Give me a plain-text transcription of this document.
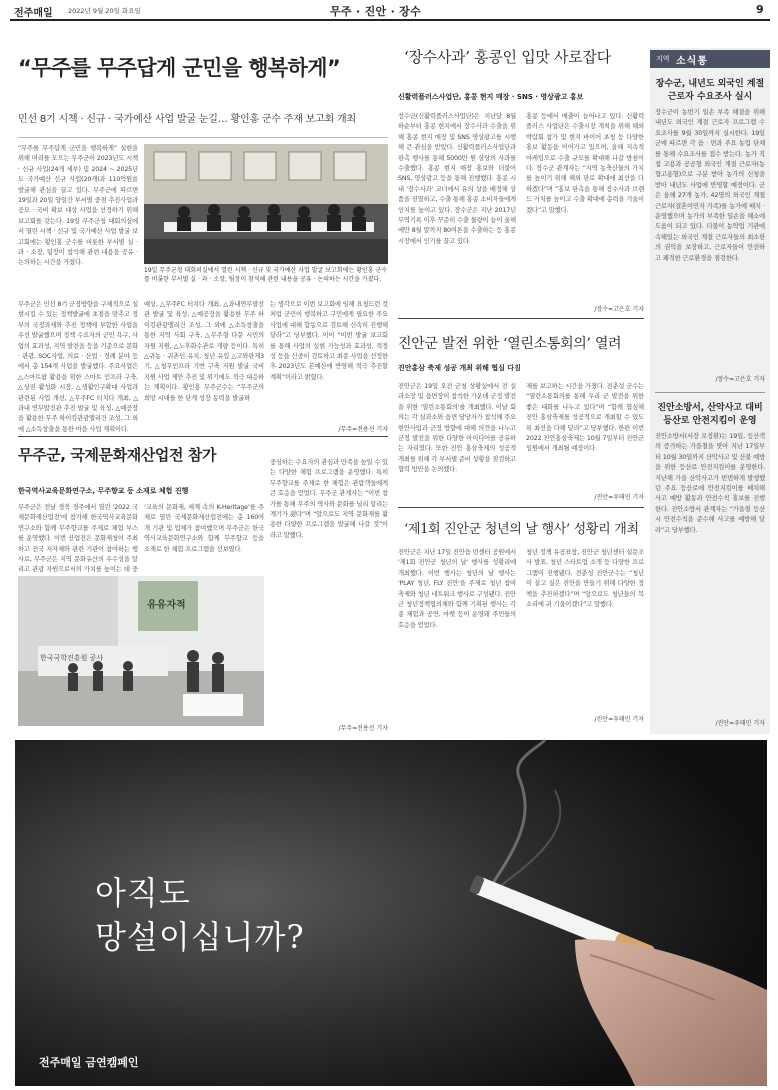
전주매일 2022년 9월 20일 화요일	무주 · 진안 · 장수	9
“무주를 무주답게 군민을 행복하게”
민선 8기 시책 · 신규 · 국가예산 사업 발굴 눈길… 황인홍 군수 주재 보고회 개최
“무주를 무주답게 군민을 행복하게” 실현을 위해 머리를 모으는 무주군이 2023년도 시책 · 신규 사업(24개 세부) 및 2024 ~ 2025년도 국가예산 신규 사업(20개)과 110억원을 발굴해 관심을 끌고 있다. 무주군에 따르면 19일과 20일 양일간 부서별 중점 추진사업과 공모 · 국비 확보 대상 사업을 선정하기 위해 보고회를 갖는다. 19일 무주군청 대회의실에서 열린 시책 · 신규 및 국가예산 사업 발굴 보고회에는 황인홍 군수를 비롯한 부서별 실 · 과 · 소장, 팀장이 참석해 관련 내용을 공유 · 논의하는 시간을 가졌다.
19일 무주군청 대회의실에서 열린 시책 · 신규 및 국가예산 사업 발굴 보고회에는 황인홍 군수를 비롯한 부서별 실 · 과 · 소장, 팀장이 참석해 관련 내용을 공유 · 논의하는 시간을 가졌다.
무주군은 민선 8기 군정방향을 구체적으로 실현시킬 수 있는 정책발굴에 초점을 맞추고 정부의 국정과제와 추진 정책에 부합한 사업을 우선 발굴했으며 정책 수요자의 군민 욕구, 사업의 효과성, 지역 발전을 등을 기준으로 문화 · 관광, SOC사업, 의료 · 산업 · 정례 분야 등에서 총 154개 사업을 발굴했다. 주요사업은 △스마트팜 활용을 위한 스마트 인프라 구축, △상권 활성화 시장, △생활인구확대 사업과 관련된 사업 개선, △무주FC 터치다 개최, △과내 연무발전관 추진 발굴 및 육성, △예공장을 활용한 무주 하이킹관광엘리건 조성, 그 외에 △소득창출을 통한 마을 사업 계획이다.
예상, △무주FC 터치다 개최, △과내연무발전관 발굴 및 육성, △예공장을 활용한 무주 하이킹관광엘리건 조성, 그 외에 △소득창출을 통한 지역 사회 구축, △무주형 다문 시민의 자원 지원, △노후화수관로 개량 등이다. 특히 △귀농 · 귀촌인 유치, 청년 유입 △고와판제3기, △청무인프라 기반 구축 지원 발굴 국비 지원 사업 제안 추진 및 위기에도 적극 대응하는 계획이다. 황인홍 무주군수는 “무주군의 희망 시대를 한 단계 성장 동력을 발굴하
는 생각으로 이번 보고회에 임해 요청드린 것처럼 군민이 행복하고 구민에게 필요한 주요 사업에 대해 합동으로 검토해 신속히 진행해 달라”고 당부했다. 이어 “이번 발굴 보고회를 통해 사업의 실현 가능성과 효과성, 적정성 등을 신중히 검토하고 최종 사업을 선정한 후 2023년도 본예산에 반영해 적극 추진할 계획”이라고 밝혔다.
/무주=전용선 기자
무주군, 국제문화재산업전 참가
한국역사교육문화연구소, 무주향교 등 소재로 체험 진행
무주군은 전날 경북 경주에서 열린 '2022 국제문화재산업전'에 참가해 한국역사교육문화연구소와 함께 무주향교를 주제로 체험 부스를 운영했다. 이번 산업전은 문화재청이 주최하고 전국 지자체와 관련 기관이 참여하는 행사로, 무주군은 지역 문화유산의 우수성을 알리고 관광 자원으로서의 가치를 높이는 데 중
‘교육의 문화재, 세계 속의 K-Heritage’를 주제로 열린 국제문화재산업전에는 총 160여 개 기관 및 업체가 참여했으며 무주군은 한국역사교육문화연구소와 함께 무주향교 등을 소재로 한 체험 프로그램을 선보였다.
중심하는 수요자의 관심과 만족을 높일 수 있는 다양한 체험 프로그램을 운영했다. 특히 무주향교를 주제로 한 체험은 관람객들에게 큰 호응을 얻었다. 무주군 관계자는 “이번 참가를 통해 무주의 역사와 문화를 널리 알리는 계기가 됐다”며 “앞으로도 지역 문화재를 활용한 다양한 프로그램을 발굴해 나갈 것”이라고 말했다.
/무주=전용선 기자
유유자적
한국국학진흥원 공사
‘장수사과’ 홍콩인 입맛 사로잡다
신활력플러스사업단, 홍콩 현지 매장 · SNS · 영상광고 홍보
장수군(신활력플러스사업단)은 지난달 8월 하순부터 홍콩 현지에서 장수사과 수출을 위해 홍콩 현지 매장 및 SNS 영상광고를 시행해 큰 관심을 받았다. 신활력플러스사업단과 판촉 행사를 통해 5000만 원 상당의 사과를 수출했다. 홍콩 현지 매장 홍보와 더불어 SNS, 영상광고 등을 통해 진행했다. 홍콩 시내 '장수사과' 코너에서 유의 상을 배정해 상품을 진열하고, 수출 통해 홍콩 소비자들에게 인지를 높이고 있다. 장수군은 지난 2017년 무역기록 이후 꾸준히 수출 물량이 늘어 올해에만 8월 말까지 80여톤을 수출하는 등 홍콩 시장에서 인기를 끌고 있다.
홍콩 등에서 매출이 늘어나고 있다. 신활력 플러스 사업단은 수출시장 개척을 위해 해외박람회 참가 및 현지 바이어 초청 등 다양한 홍보 활동을 이어가고 있으며, 올해 지속적 마케팅으로 수출 규모를 확대해 나갈 방침이다. 장수군 관계자는 “지역 농축산물의 가치를 높이기 위해 해외 판로 확대에 최선을 다하겠다”며 “홍보 판촉을 통해 장수사과 브랜드 가치를 높이고 수출 확대에 총력을 기울이겠다”고 말했다.
/장수=고은호 기자
진안군 발전 위한 ‘열린소통회의’ 열려
진안홍삼 축제 성공 개최 위해 협심 다짐
진안군은 19일 오전 군청 상황실에서 전 실과소장 및 읍면장이 참석한 가운데 군정 발전을 위한 '열린소통회의'를 개최했다. 이날 회의는 각 실과소와 읍면 담당자가 참석해 주요 현안사업과 군정 방향에 대해 의견을 나누고 군정 발전을 위한 다양한 아이디어를 공유하는 자리였다. 또한 진안 홍삼축제의 성공적 개최를 위해 각 부서별 준비 상황을 점검하고 협력 방안을 논의했다.
제를 보고하는 시간을 가졌다. 전춘성 군수는 “열린소통회의를 통해 우리 군 발전을 위한 좋은 대화를 나누고 있다”며 “함께 협심해 진안 홍삼축제를 성공적으로 개최할 수 있도록 최선을 다해 달라”고 당부했다. 한편 이번 2022 진안홍삼축제는 10월 7일부터 진안군 일원에서 개최될 예정이다.
/진안=우태민 기자
‘제1회 진안군 청년의 날 행사’ 성황리 개최
진안군은 지난 17일 진안읍 빈센터 공원에서 '제1회 진안군 청년의 날' 행사를 성황리에 개최했다. 이번 행사는 청년의 날 행사는 'PLAY 청년, FLY 진안'을 주제로 청년 참여 축제와 청년 네트워크 행사로 구성됐다. 진안군 청년정책협의체와 함께 기획된 행사는 각종 체험과 공연, 마켓 등이 운영돼 주민들의 호응을 얻었다.
청년 정책 유공표창, 진안군 청년센터 설문조사 발표, 청년 스타트업 소개 등 다양한 프로그램이 진행됐다. 전춘성 진안군수는 “청년이 살고 싶은 진안을 만들기 위해 다양한 정책을 추진하겠다”며 “앞으로도 청년들의 목소리에 귀 기울이겠다”고 말했다.
/진안=우태민 기자
지역 소식통
장수군, 내년도 외국인 계절 근로자 수요조사 실시
장수군이 농번기 일손 부족 해결을 위해 내년도 외국인 계절 근로자 프로그램 수요조사를 9월 30일까지 실시한다. 19일 군에 따르면 각 읍 · 면과 주요 농업 단체를 통해 수요조사를 접수 받는다. 농가 직접 고용과 공공형 외국인 계절 근로자(농협고용형)으로 구분 받아 농가의 신청을 받아 내년도 사업에 반영할 예정이다. 군은 올해 27개 농가, 42명의 외국인 계절 근로자(결혼이민자 가족)를 농가에 배치 · 운영했으며 농가의 부족한 일손을 해소에 도움이 되고 있다. 더불어 농약업 기관에 속해있는 외국인 계절 근로자들의 최소한의 권익을 보장하고, 근로자들이 안전하고 쾌적한 근로환경을 점검한다.
/장수=고은호 기자
진안소방서, 산악사고 대비 등산로 안전지킴이 운영
진안소방서(서장 오정환)는 19일, 등산객의 증가하는 가을철을 맞아 지난 17일부터 10월 30일까지 산악사고 및 산불 예방을 위한 등산로 안전지킴이를 운영한다. 지난해 가을 산악사고가 빈번하게 발생했던 주요 등산로에 안전지킴이를 배치해 사고 예방 활동과 안전수칙 홍보를 진행한다. 진안소방서 관계자는 “가을철 등산 시 안전수칙을 준수해 사고를 예방해 달라”고 당부했다.
/진안=우태민 기자
아직도
망설이십니까?
전주매일 금연캠페인
